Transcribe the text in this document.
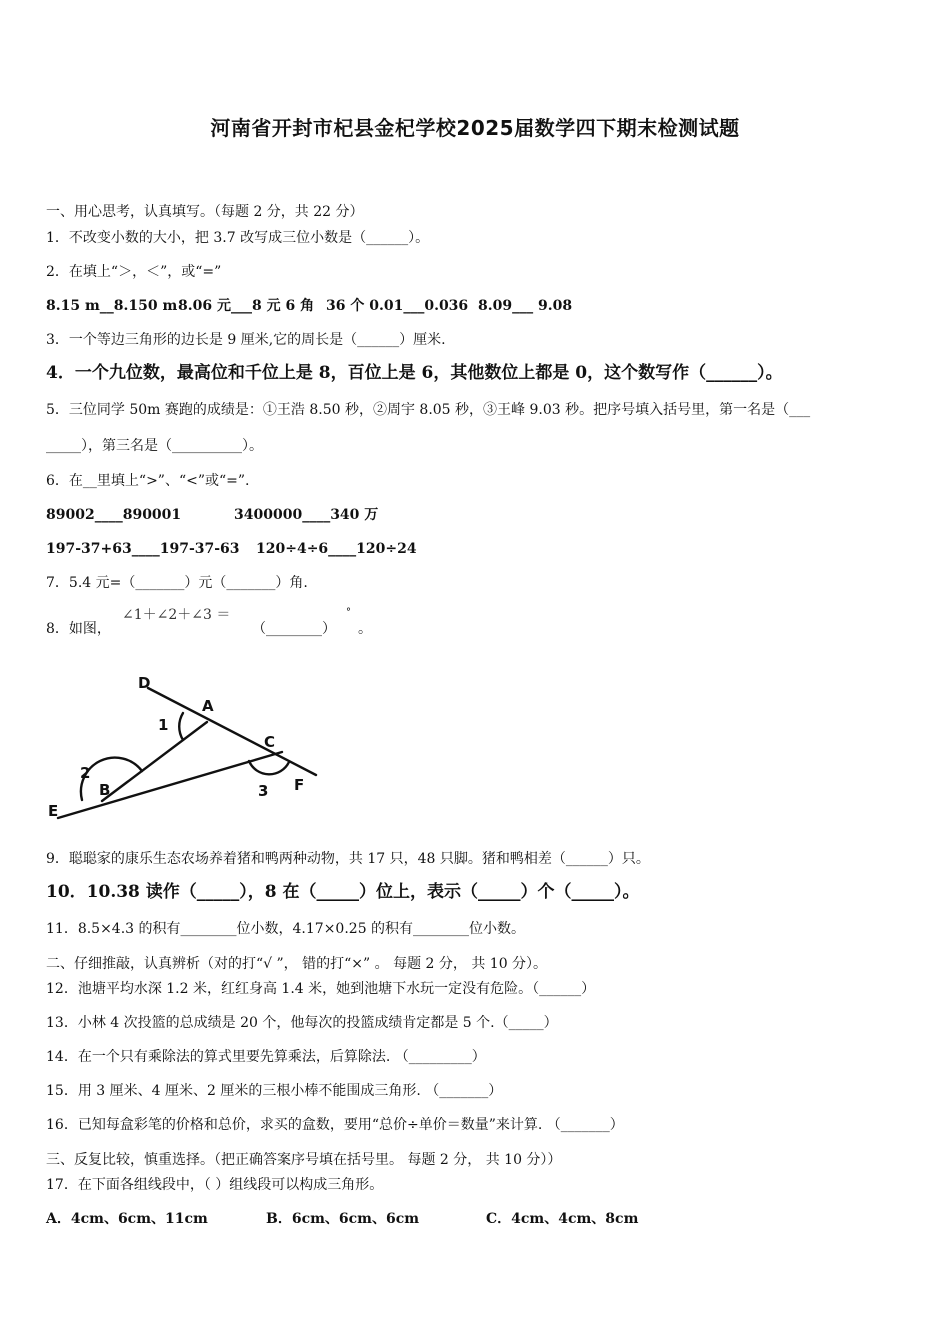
河南省开封市杞县金杞学校2025届数学四下期末检测试题
一、用心思考，认真填写。（每题 2 分，共 22 分）
1．不改变小数的大小，把 3.7 改写成三位小数是（______）。
2．在填上“＞，＜”，或“=”
8.15 m__8.150 m8.06 元___8 元 6 角 36 个 0.01___0.036 8.09___ 9.08
3．一个等边三角形的边长是 9 厘米,它的周长是（______）厘米.
4．一个九位数，最高位和千位上是 8，百位上是 6，其他数位上都是 0，这个数写作（______）。
5．三位同学 50m 赛跑的成绩是：①王浩 8.50 秒，②周宇 8.05 秒，③王峰 9.03 秒。把序号填入括号里，第一名是（___
_____），第三名是（__________）。
6．在__里填上“>”、“<”或“=”.
89002____890001	3400000____340 万
197-37+63____197-37-63 120÷4÷6____120÷24
7．5.4 元=（_______）元（_______）角.
8．如图，
∠1＋∠2＋∠3 ＝
（________）
°
。
D
A
C
F
E
B
1
2
3
9．聪聪家的康乐生态农场养着猪和鸭两种动物，共 17 只，48 只脚。猪和鸭相差（______）只。
10．10.38 读作（_____），8 在（_____）位上，表示（_____）个（_____）。
11．8.5×4.3 的积有________位小数，4.17×0.25 的积有________位小数。
二、仔细推敲，认真辨析（对的打“√ ”， 错的打“×” 。 每题 2 分， 共 10 分）。
12．池塘平均水深 1.2 米，红红身高 1.4 米，她到池塘下水玩一定没有危险。（______）
13．小林 4 次投篮的总成绩是 20 个，他每次的投篮成绩肯定都是 5 个.（_____）
14．在一个只有乘除法的算式里要先算乘法，后算除法. （_________）
15．用 3 厘米、4 厘米、2 厘米的三根小棒不能围成三角形. （_______）
16．已知每盒彩笔的价格和总价，求买的盒数，要用“总价÷单价＝数量”来计算. （_______）
三、反复比较，慎重选择。（把正确答案序号填在括号里。 每题 2 分， 共 10 分））
17．在下面各组线段中，（ ）组线段可以构成三角形。
A．4cm、6cm、11cm	B．6cm、6cm、6cm	C．4cm、4cm、8cm
